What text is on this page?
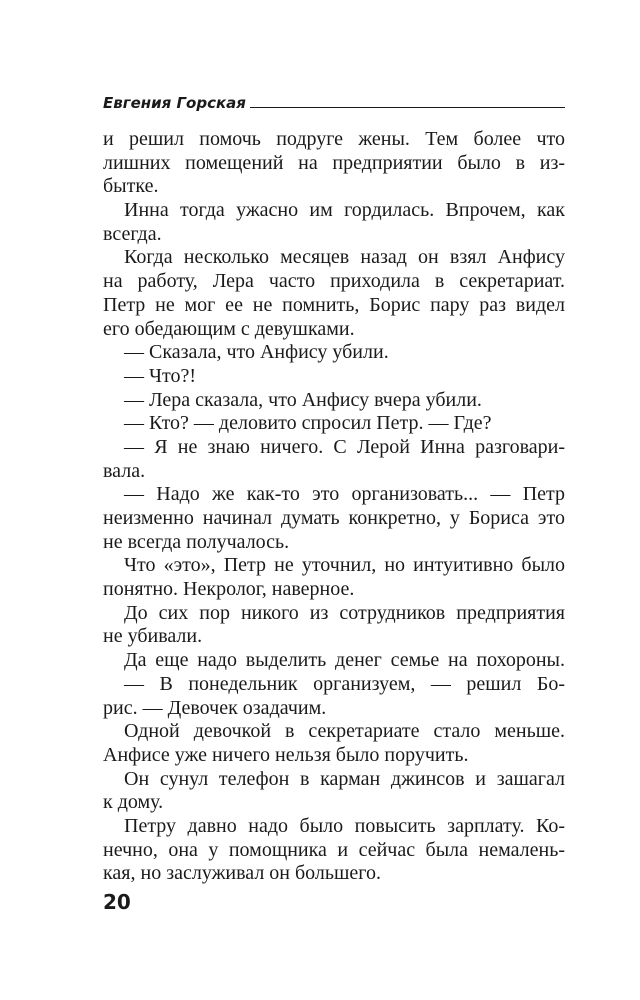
Евгения Горская
и решил помочь подруге жены. Тем более что
лишних помещений на предприятии было в из-
бытке.
Инна тогда ужасно им гордилась. Впрочем, как
всегда.
Когда несколько месяцев назад он взял Анфису
на работу, Лера часто приходила в секретариат.
Петр не мог ее не помнить, Борис пару раз видел
его обедающим с девушками.
— Сказала, что Анфису убили.
— Что?!
— Лера сказала, что Анфису вчера убили.
— Кто? — деловито спросил Петр. — Где?
— Я не знаю ничего. С Лерой Инна разговари-
вала.
— Надо же как-то это организовать... — Петр
неизменно начинал думать конкретно, у Бориса это
не всегда получалось.
Что «это», Петр не уточнил, но интуитивно было
понятно. Некролог, наверное.
До сих пор никого из сотрудников предприятия
не убивали.
Да еще надо выделить денег семье на похороны.
— В понедельник организуем, — решил Бо-
рис. — Девочек озадачим.
Одной девочкой в секретариате стало меньше.
Анфисе уже ничего нельзя было поручить.
Он сунул телефон в карман джинсов и зашагал
к дому.
Петру давно надо было повысить зарплату. Ко-
нечно, она у помощника и сейчас была немалень-
кая, но заслуживал он большего.
20
